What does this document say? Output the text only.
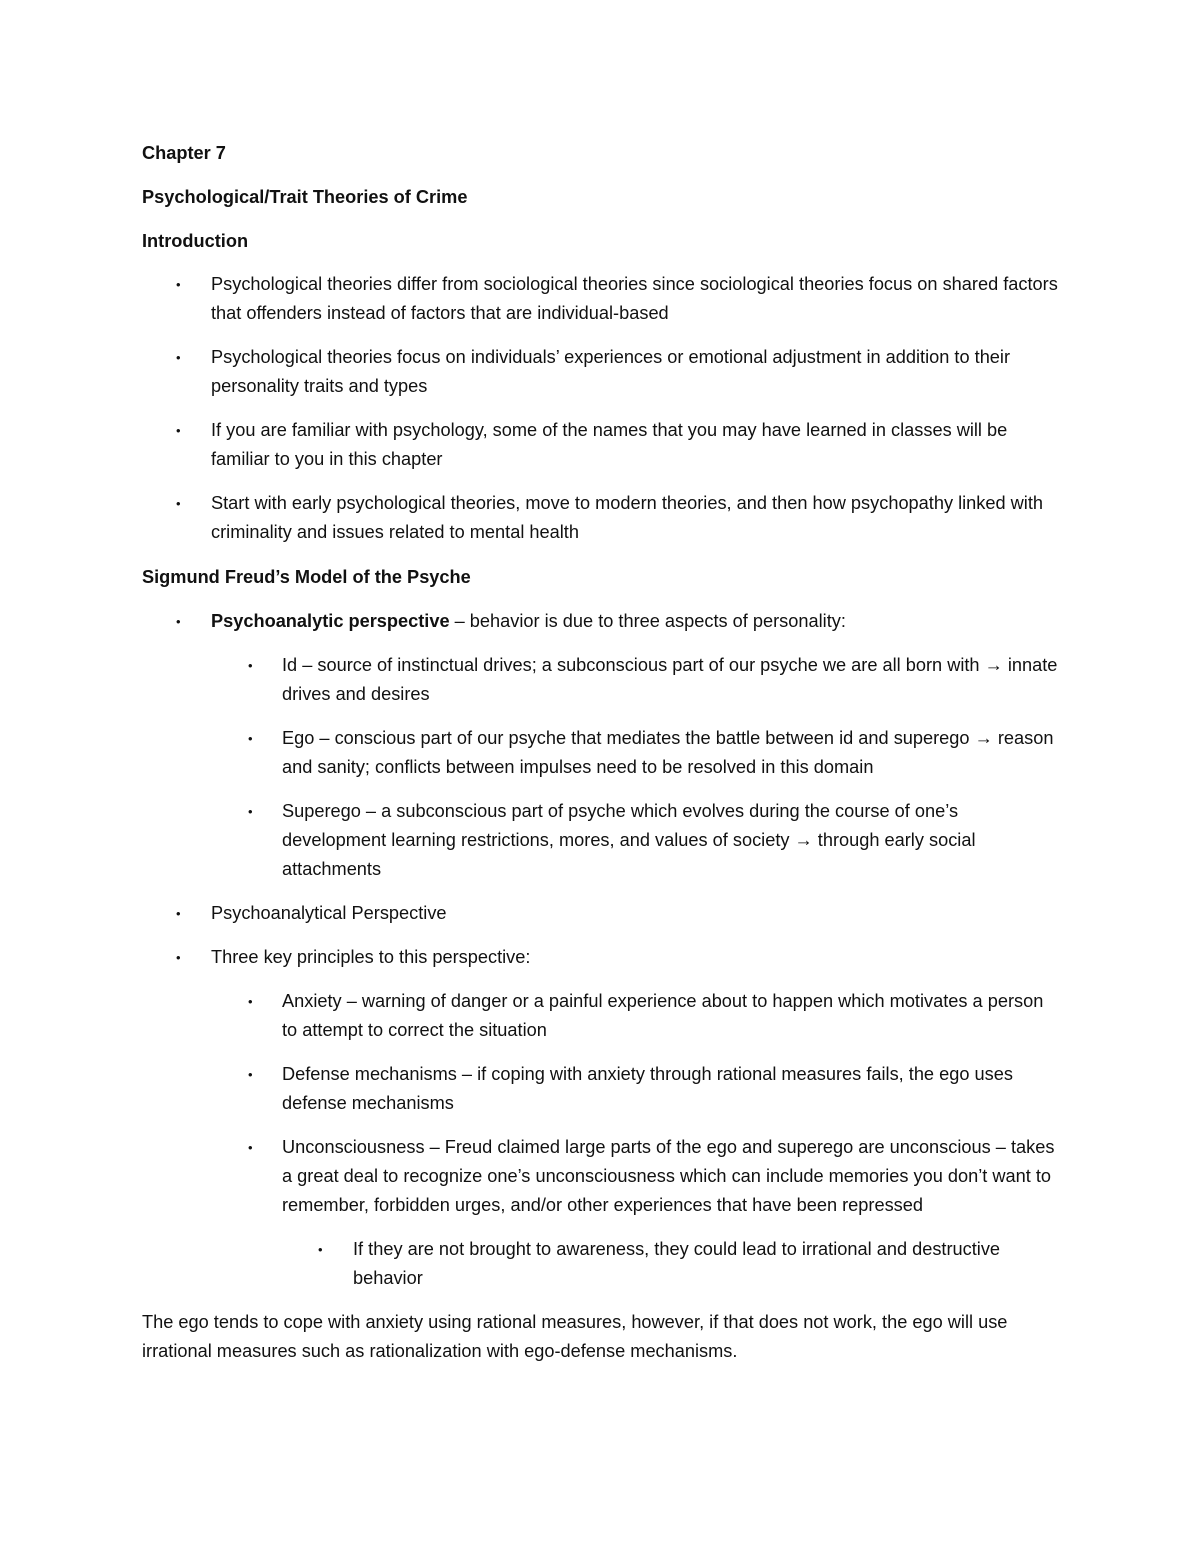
Chapter 7

Psychological/Trait Theories of Crime

Introduction

• Psychological theories differ from sociological theories since sociological theories focus on shared factors that offenders instead of factors that are individual-based
• Psychological theories focus on individuals’ experiences or emotional adjustment in addition to their personality traits and types
• If you are familiar with psychology, some of the names that you may have learned in classes will be familiar to you in this chapter
• Start with early psychological theories, move to modern theories, and then how psychopathy linked with criminality and issues related to mental health

Sigmund Freud’s Model of the Psyche

• Psychoanalytic perspective – behavior is due to three aspects of personality:
• Id – source of instinctual drives; a subconscious part of our psyche we are all born with → innate drives and desires
• Ego – conscious part of our psyche that mediates the battle between id and superego → reason and sanity; conflicts between impulses need to be resolved in this domain
• Superego – a subconscious part of psyche which evolves during the course of one’s development learning restrictions, mores, and values of society → through early social attachments
• Psychoanalytical Perspective
• Three key principles to this perspective:
• Anxiety – warning of danger or a painful experience about to happen which motivates a person to attempt to correct the situation
• Defense mechanisms – if coping with anxiety through rational measures fails, the ego uses defense mechanisms
• Unconsciousness – Freud claimed large parts of the ego and superego are unconscious – takes a great deal to recognize one’s unconsciousness which can include memories you don’t want to remember, forbidden urges, and/or other experiences that have been repressed
• If they are not brought to awareness, they could lead to irrational and destructive behavior

The ego tends to cope with anxiety using rational measures, however, if that does not work, the ego will use irrational measures such as rationalization with ego-defense mechanisms.
